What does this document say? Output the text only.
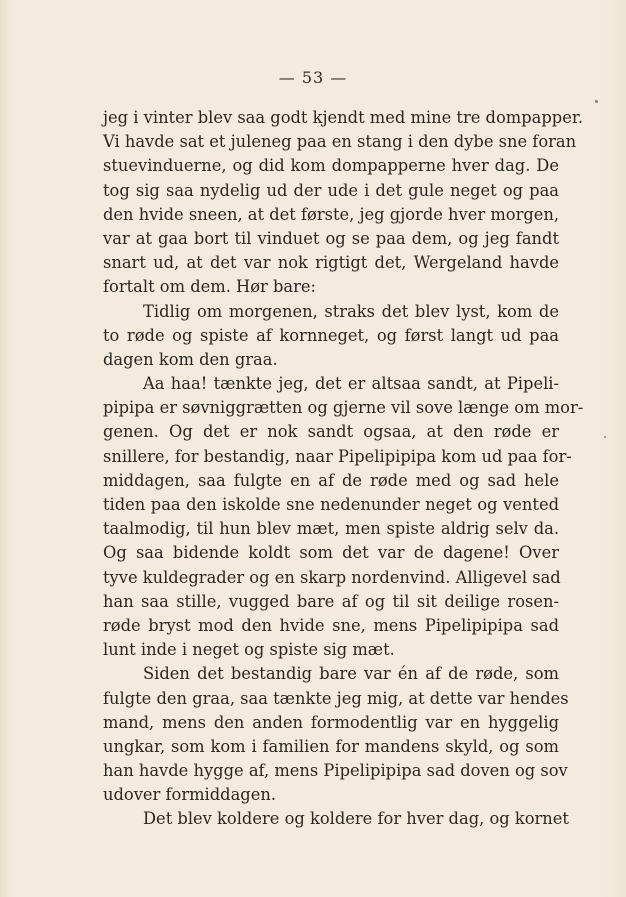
— 53 —
jeg i vinter blev saa godt kjendt med mine tre dompapper.
Vi havde sat et juleneg paa en stang i den dybe sne foran
stuevinduerne, og did kom dompapperne hver dag. De
tog sig saa nydelig ud der ude i det gule neget og paa
den hvide sneen, at det første, jeg gjorde hver morgen,
var at gaa bort til vinduet og se paa dem, og jeg fandt
snart ud, at det var nok rigtigt det, Wergeland havde
fortalt om dem. Hør bare:
Tidlig om morgenen, straks det blev lyst, kom de
to røde og spiste af kornneget, og først langt ud paa
dagen kom den graa.
Aa haa! tænkte jeg, det er altsaa sandt, at Pipeli-
pipipa er søvniggrætten og gjerne vil sove længe om mor-
genen. Og det er nok sandt ogsaa, at den røde er
snillere, for bestandig, naar Pipelipipipa kom ud paa for-
middagen, saa fulgte en af de røde med og sad hele
tiden paa den iskolde sne nedenunder neget og vented
taalmodig, til hun blev mæt, men spiste aldrig selv da.
Og saa bidende koldt som det var de dagene! Over
tyve kuldegrader og en skarp nordenvind. Alligevel sad
han saa stille, vugged bare af og til sit deilige rosen-
røde bryst mod den hvide sne, mens Pipelipipipa sad
lunt inde i neget og spiste sig mæt.
Siden det bestandig bare var én af de røde, som
fulgte den graa, saa tænkte jeg mig, at dette var hendes
mand, mens den anden formodentlig var en hyggelig
ungkar, som kom i familien for mandens skyld, og som
han havde hygge af, mens Pipelipipipa sad doven og sov
udover formiddagen.
Det blev koldere og koldere for hver dag, og kornet
